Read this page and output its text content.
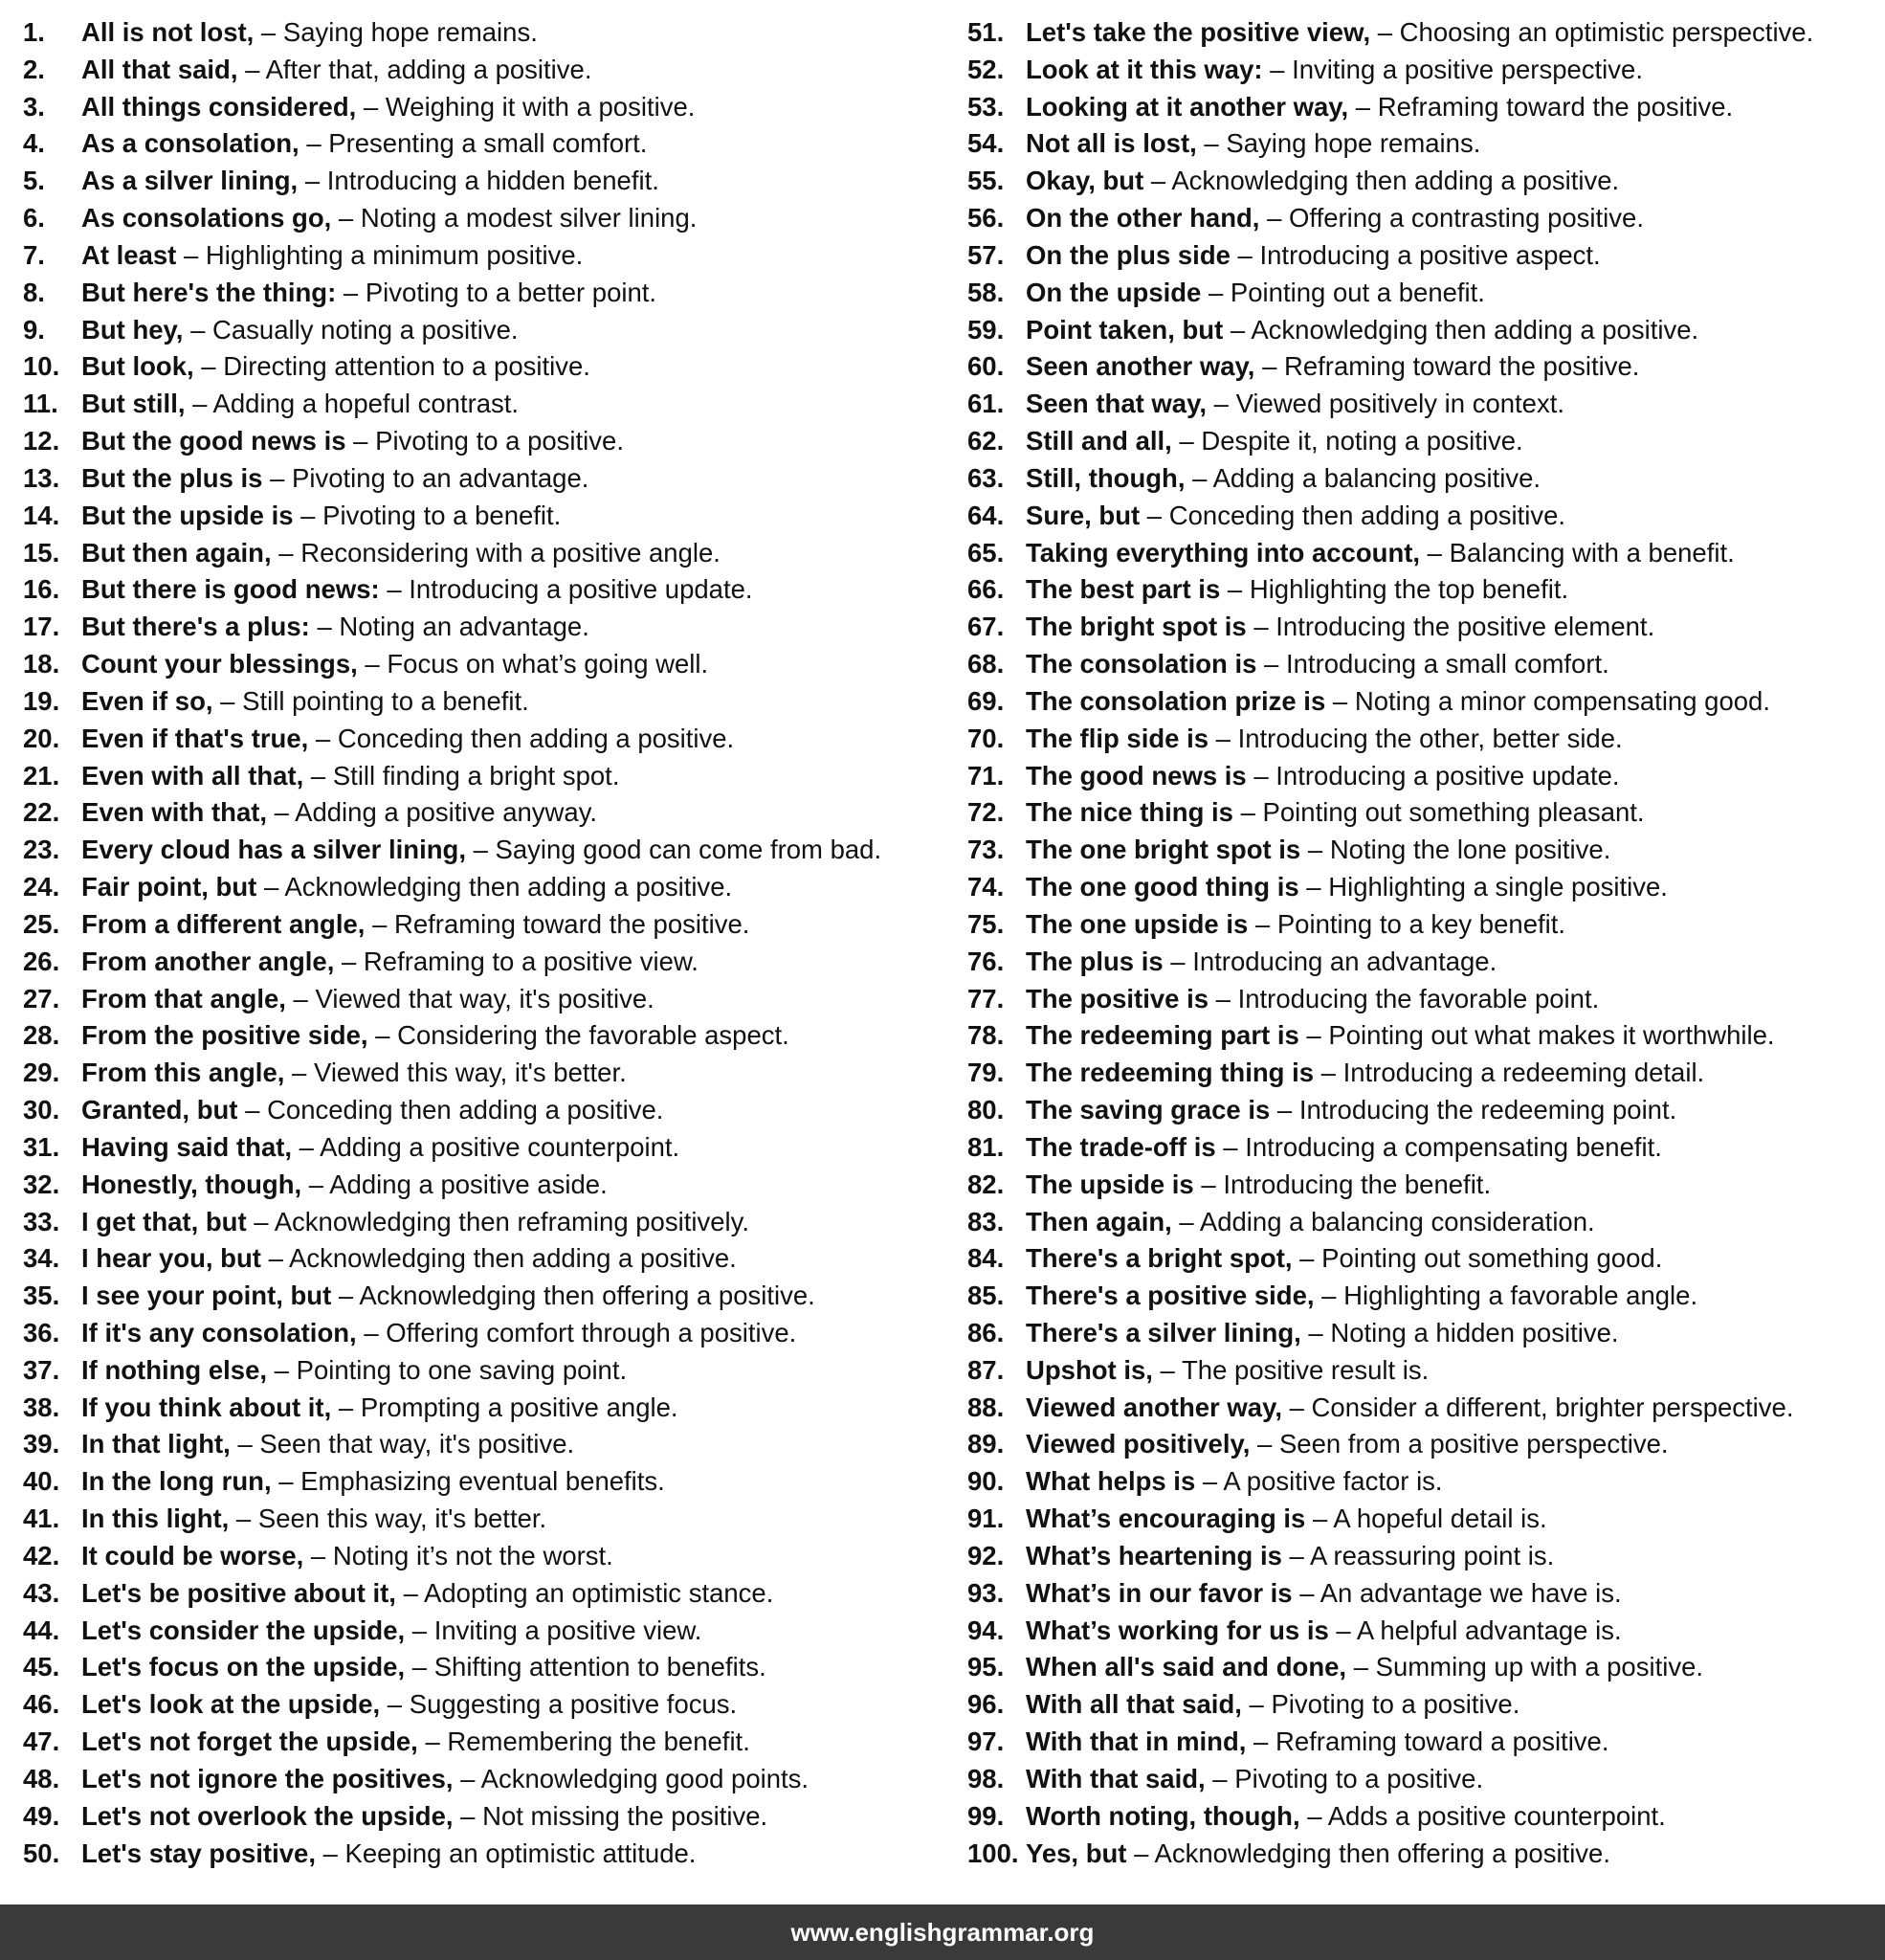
1. All is not lost, – Saying hope remains.
2. All that said, – After that, adding a positive.
3. All things considered, – Weighing it with a positive.
4. As a consolation, – Presenting a small comfort.
5. As a silver lining, – Introducing a hidden benefit.
6. As consolations go, – Noting a modest silver lining.
7. At least – Highlighting a minimum positive.
8. But here's the thing: – Pivoting to a better point.
9. But hey, – Casually noting a positive.
10. But look, – Directing attention to a positive.
11. But still, – Adding a hopeful contrast.
12. But the good news is – Pivoting to a positive.
13. But the plus is – Pivoting to an advantage.
14. But the upside is – Pivoting to a benefit.
15. But then again, – Reconsidering with a positive angle.
16. But there is good news: – Introducing a positive update.
17. But there's a plus: – Noting an advantage.
18. Count your blessings, – Focus on what’s going well.
19. Even if so, – Still pointing to a benefit.
20. Even if that's true, – Conceding then adding a positive.
21. Even with all that, – Still finding a bright spot.
22. Even with that, – Adding a positive anyway.
23. Every cloud has a silver lining, – Saying good can come from bad.
24. Fair point, but – Acknowledging then adding a positive.
25. From a different angle, – Reframing toward the positive.
26. From another angle, – Reframing to a positive view.
27. From that angle, – Viewed that way, it's positive.
28. From the positive side, – Considering the favorable aspect.
29. From this angle, – Viewed this way, it's better.
30. Granted, but – Conceding then adding a positive.
31. Having said that, – Adding a positive counterpoint.
32. Honestly, though, – Adding a positive aside.
33. I get that, but – Acknowledging then reframing positively.
34. I hear you, but – Acknowledging then adding a positive.
35. I see your point, but – Acknowledging then offering a positive.
36. If it's any consolation, – Offering comfort through a positive.
37. If nothing else, – Pointing to one saving point.
38. If you think about it, – Prompting a positive angle.
39. In that light, – Seen that way, it's positive.
40. In the long run, – Emphasizing eventual benefits.
41. In this light, – Seen this way, it's better.
42. It could be worse, – Noting it’s not the worst.
43. Let's be positive about it, – Adopting an optimistic stance.
44. Let's consider the upside, – Inviting a positive view.
45. Let's focus on the upside, – Shifting attention to benefits.
46. Let's look at the upside, – Suggesting a positive focus.
47. Let's not forget the upside, – Remembering the benefit.
48. Let's not ignore the positives, – Acknowledging good points.
49. Let's not overlook the upside, – Not missing the positive.
50. Let's stay positive, – Keeping an optimistic attitude.
51. Let's take the positive view, – Choosing an optimistic perspective.
52. Look at it this way: – Inviting a positive perspective.
53. Looking at it another way, – Reframing toward the positive.
54. Not all is lost, – Saying hope remains.
55. Okay, but – Acknowledging then adding a positive.
56. On the other hand, – Offering a contrasting positive.
57. On the plus side – Introducing a positive aspect.
58. On the upside – Pointing out a benefit.
59. Point taken, but – Acknowledging then adding a positive.
60. Seen another way, – Reframing toward the positive.
61. Seen that way, – Viewed positively in context.
62. Still and all, – Despite it, noting a positive.
63. Still, though, – Adding a balancing positive.
64. Sure, but – Conceding then adding a positive.
65. Taking everything into account, – Balancing with a benefit.
66. The best part is – Highlighting the top benefit.
67. The bright spot is – Introducing the positive element.
68. The consolation is – Introducing a small comfort.
69. The consolation prize is – Noting a minor compensating good.
70. The flip side is – Introducing the other, better side.
71. The good news is – Introducing a positive update.
72. The nice thing is – Pointing out something pleasant.
73. The one bright spot is – Noting the lone positive.
74. The one good thing is – Highlighting a single positive.
75. The one upside is – Pointing to a key benefit.
76. The plus is – Introducing an advantage.
77. The positive is – Introducing the favorable point.
78. The redeeming part is – Pointing out what makes it worthwhile.
79. The redeeming thing is – Introducing a redeeming detail.
80. The saving grace is – Introducing the redeeming point.
81. The trade-off is – Introducing a compensating benefit.
82. The upside is – Introducing the benefit.
83. Then again, – Adding a balancing consideration.
84. There's a bright spot, – Pointing out something good.
85. There's a positive side, – Highlighting a favorable angle.
86. There's a silver lining, – Noting a hidden positive.
87. Upshot is, – The positive result is.
88. Viewed another way, – Consider a different, brighter perspective.
89. Viewed positively, – Seen from a positive perspective.
90. What helps is – A positive factor is.
91. What’s encouraging is – A hopeful detail is.
92. What’s heartening is – A reassuring point is.
93. What’s in our favor is – An advantage we have is.
94. What’s working for us is – A helpful advantage is.
95. When all's said and done, – Summing up with a positive.
96. With all that said, – Pivoting to a positive.
97. With that in mind, – Reframing toward a positive.
98. With that said, – Pivoting to a positive.
99. Worth noting, though, – Adds a positive counterpoint.
100. Yes, but – Acknowledging then offering a positive.
www.englishgrammar.org
